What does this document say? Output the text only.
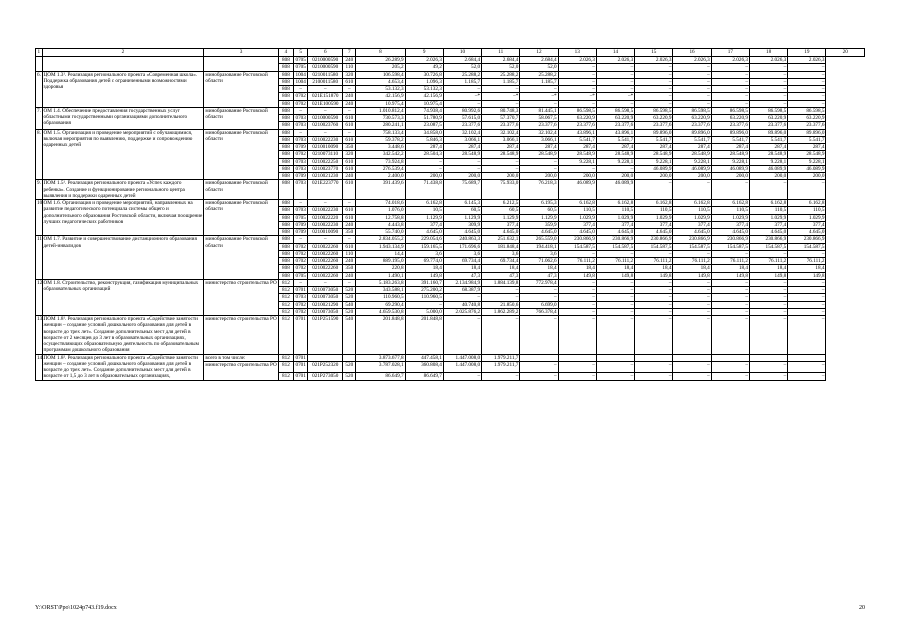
1	2	3	4	5	6	7	8	9	10	11	12	13	14	15	16	17	18	19	20
			808	0705	0210000590	240	26.289,9	2.026,3	2.684,4	2.684,4	2.684,4	2.026,3	2.026,3	2.026,3	2.026,3	2.026,3	2.026,3	2.026,3	
			808	0705	0210000590	110	205,2	49,2	52,0	52,0	52,0	–	–	–	–	–	–	–	
6.	ЦОМ 1.3¹. Реализация регионального проекта «Современная школа». Поддержка образования детей с ограниченными возможностями здоровья	минобразование Ростовской области	808	1004	0210011580	320	106.598,4	30.726,8	25.288,2	25.288,2	25.288,2	–	–	–	–	–	–	–	
			808	1004	2100011580	610	4.653,4	1.096,3	1.185,7	1.185,7	1.185,7	–	–	–	–	–	–	–	
			808	–	–	–	53.132,3	53.132,3	–	–	–	–	–	–	–	–	–	–	
			808	0702	021Е151870	240	42.156,9	42.156,9	–*	–*	–*	–*	–*	–	–	–	–	–	
			808	0702	021Е100590	240	10.975,4	10.975,4	–	–	–	–	–	–	–	–	–	–	
7.	ОМ 1.4. Обеспечение предоставления государственных услуг областными государственными организациями дополнительного образования	минобразование Ростовской области	808	–	–	–	1.010.812,4	74.938,4	80.992,6	80.748,3	81.445,1	86.598,5	86.598,5	86.598,5	86.598,5	86.598,5	86.598,5	86.598,5	
			808	0703	0210000590	610	730.573,3	51.780,9	57.615,0	57.370,7	58.067,5	63.220,9	63.220,9	63.220,9	63.220,9	63.220,9	63.220,9	63.220,9	
			808	0703	0210023760	610	280.241,1	23.087,5	23.377,6	23.377,6	23.377,6	23.377,6	23.377,6	23.377,6	23.377,6	23.377,6	23.377,6	23.377,6	
8.	ОМ 1.5. Организация и проведение мероприятий с обучающимися, включая мероприятия по выявлению, поддержке и сопровождению одаренных детей	минобразование Ростовской области	808	–	–	–	758.133,4	34.858,0	32.102,4	32.102,4	32.102,4	43.896,1	43.896,1	89.896,0	89.896,0	89.896,0	89.896,0	89.896,0	
			808	0703	0210022230	610	59.378,2	5.846,3	3.066,1	3.066,1	3.066,1	5.541,7	5.541,7	5.541,7	5.541,7	5.541,7	5.541,7	5.541,7	
			808	0709	0210010090	350	3.448,6	287,4	287,4	287,4	287,4	287,4	287,4	287,4	287,4	287,4	287,4	287,4	
			808	0702	0210073110	320	342.542,2	28.504,3	28.548,9	28.548,9	28.548,9	28.548,9	28.548,9	28.548,9	28.548,9	28.548,9	28.548,9	28.548,9	
			808	0703	0210022250	610	73.924,8	–	–	–	–	9.228,1	9.228,1	9.228,1	9.228,1	9.228,1	9.228,1	9.228,1	
			808	0703	0210023770	610	276.539,4	–	–	–	–	–	–	46.089,9	46.089,9	46.089,9	46.089,9	46.089,9	
			808	0709	0210021230	240	2.400,0	200,0	200,0	200,0	200,0	200,0	200,0	200,0	200,0	200,0	200,0	200,0	
9.	ПОМ 1.5¹. Реализация регионального проекта «Успех каждого ребенка». Создание и функционирование регионального центра выявления и поддержки одаренных детей	минобразование Ростовской области	808	0703	021Е223770	610	391.439,6	71.438,8	75.689,7	75.933,0	76.218,3	46.089,9	46.089,9	–	–	–	–	–	
10.	ОМ 1.6. Организация и проведение мероприятий, направленных на развитие педагогического потенциала системы общего и дополнительного образования Ростовской области, включая поощрение лучших педагогических работников	минобразование Ростовской области	808	–	–	–	74.018,6	6.162,8	6.145,3	6.212,5	6.195,3	6.162,8	6.162,8	6.162,8	6.162,8	6.162,8	6.162,8	6.162,8	
			808	0703	0210022230	610	1.076,0	10,5	60,5	60,5	60,5	110,5	110,5	110,5	110,5	110,5	110,5	110,5	
			808	0705	0210022220	610	12.758,8	1.129,9	1.129,9	1.129,9	1.129,9	1.029,9	1.029,9	1.029,9	1.029,9	1.029,9	1.029,9	1.029,9	
			808	0709	0210022230	240	4.443,8	377,4	309,9	377,4	359,9	377,4	377,4	377,4	377,4	377,4	377,4	377,4	
			808	0709	0210010090	350	55.740,0	4.645,0	4.645,0	4.645,0	4.645,0	4.645,0	4.645,0	4.645,0	4.645,0	4.645,0	4.645,0	4.645,0	
11.	ОМ 1.7. Развитие и совершенствование дистанционного образования детей-инвалидов	минобразование Ростовской области	808	–	–	–	2.834.055,2	229.054,6	240.863,3	251.632,1	265.559,0	230.866,9	230.866,9	230.866,9	230.866,9	230.866,9	230.866,9	230.866,9	
			808	0702	0210022260	610	1.943.134,9	159.165,5	171.696,6	181.848,4	194.418,1	154.587,5	154.587,5	154.587,5	154.587,5	154.587,5	154.587,5	154.587,5	
			808	0702	0210022260	110	14,4	3,6	3,6	3,6	3,6	–	–	–	–	–	–	–	
			808	0702	0210022260	240	889.195,0	69.774,0	69.734,4	69.734,4	71.062,6	76.111,2	76.111,2	76.111,2	76.111,2	76.111,2	76.111,2	76.111,2	
			808	0702	0210022260	350	220,8	18,4	18,4	18,4	18,4	18,4	18,4	18,4	18,4	18,4	18,4	18,4	
			808	0705	0210022260	240	1.490,1	149,8	47,3	47,3	47,3	149,8	149,8	149,8	149,8	149,8	149,8	149,8	
12.	ОМ 1.8. Строительство, реконструкция, газификация муниципальных образовательных организаций	министерство строительства РО	812	–	–	–	5.183.263,8	391.160,7	2.134.984,9	1.884.139,8	772.978,4	–	–	–	–	–	–	–	
			812	0701	0210073050	520	343.588,1	275.200,2	68.387,9	–	–	–	–	–	–	–	–	–	
			812	0703	0210073050	520	110.960,5	110.960,5	–	–	–	–	–	–	–	–	–	–	
			812	0702	0210021290	540	69.290,4	–	40.740,8	21.850,6	6.699,0	–	–	–	–	–	–	–	
			812	0702	0210073050	520	4.659.530,8	5.000,0	2.025.876,2	1.862.289,2	766.378,4	–	–	–	–	–	–	–	
13.	ПОМ 1.8¹. Реализация регионального проекта «Содействие занятости женщин – создание условий дошкольного образования для детей в возрасте до трех лет». Создание дополнительных мест для детей в возрасте от 2 месяцев до 3 лет в образовательных организациях, осуществляющих образовательную деятельность по образовательным программам дошкольного образования	министерство строительства РО	812	0701	021Р251590	540	201.848,8	201.848,8	–	–	–	–	–	–	–	–	–	–	
14.	ПОМ 1.8². Реализация регионального проекта «Содействие занятости женщин – создание условий дошкольного образования для детей в возрасте до трех лет». Создание дополнительных мест для детей в возрасте от 1,5 до 3 лет в образовательных организациях,	всего в том числе:	812	0701			3.873.677,8	447.458,1	1.447.008,0	1.979.211,7									
		министерство строительства РО	812	0701	021Р252320	520	3.787.028,1	360.808,4	1.447.008,0	1.979.211,7	–	–	–	–	–	–	–	–	
			812	0701	021Р273050	520	86.649,7	86.649,7	–	–	–	–	–	–	–	–	–	–	
Y:\ORST\Ppo\1024p743.f19.docx	20
